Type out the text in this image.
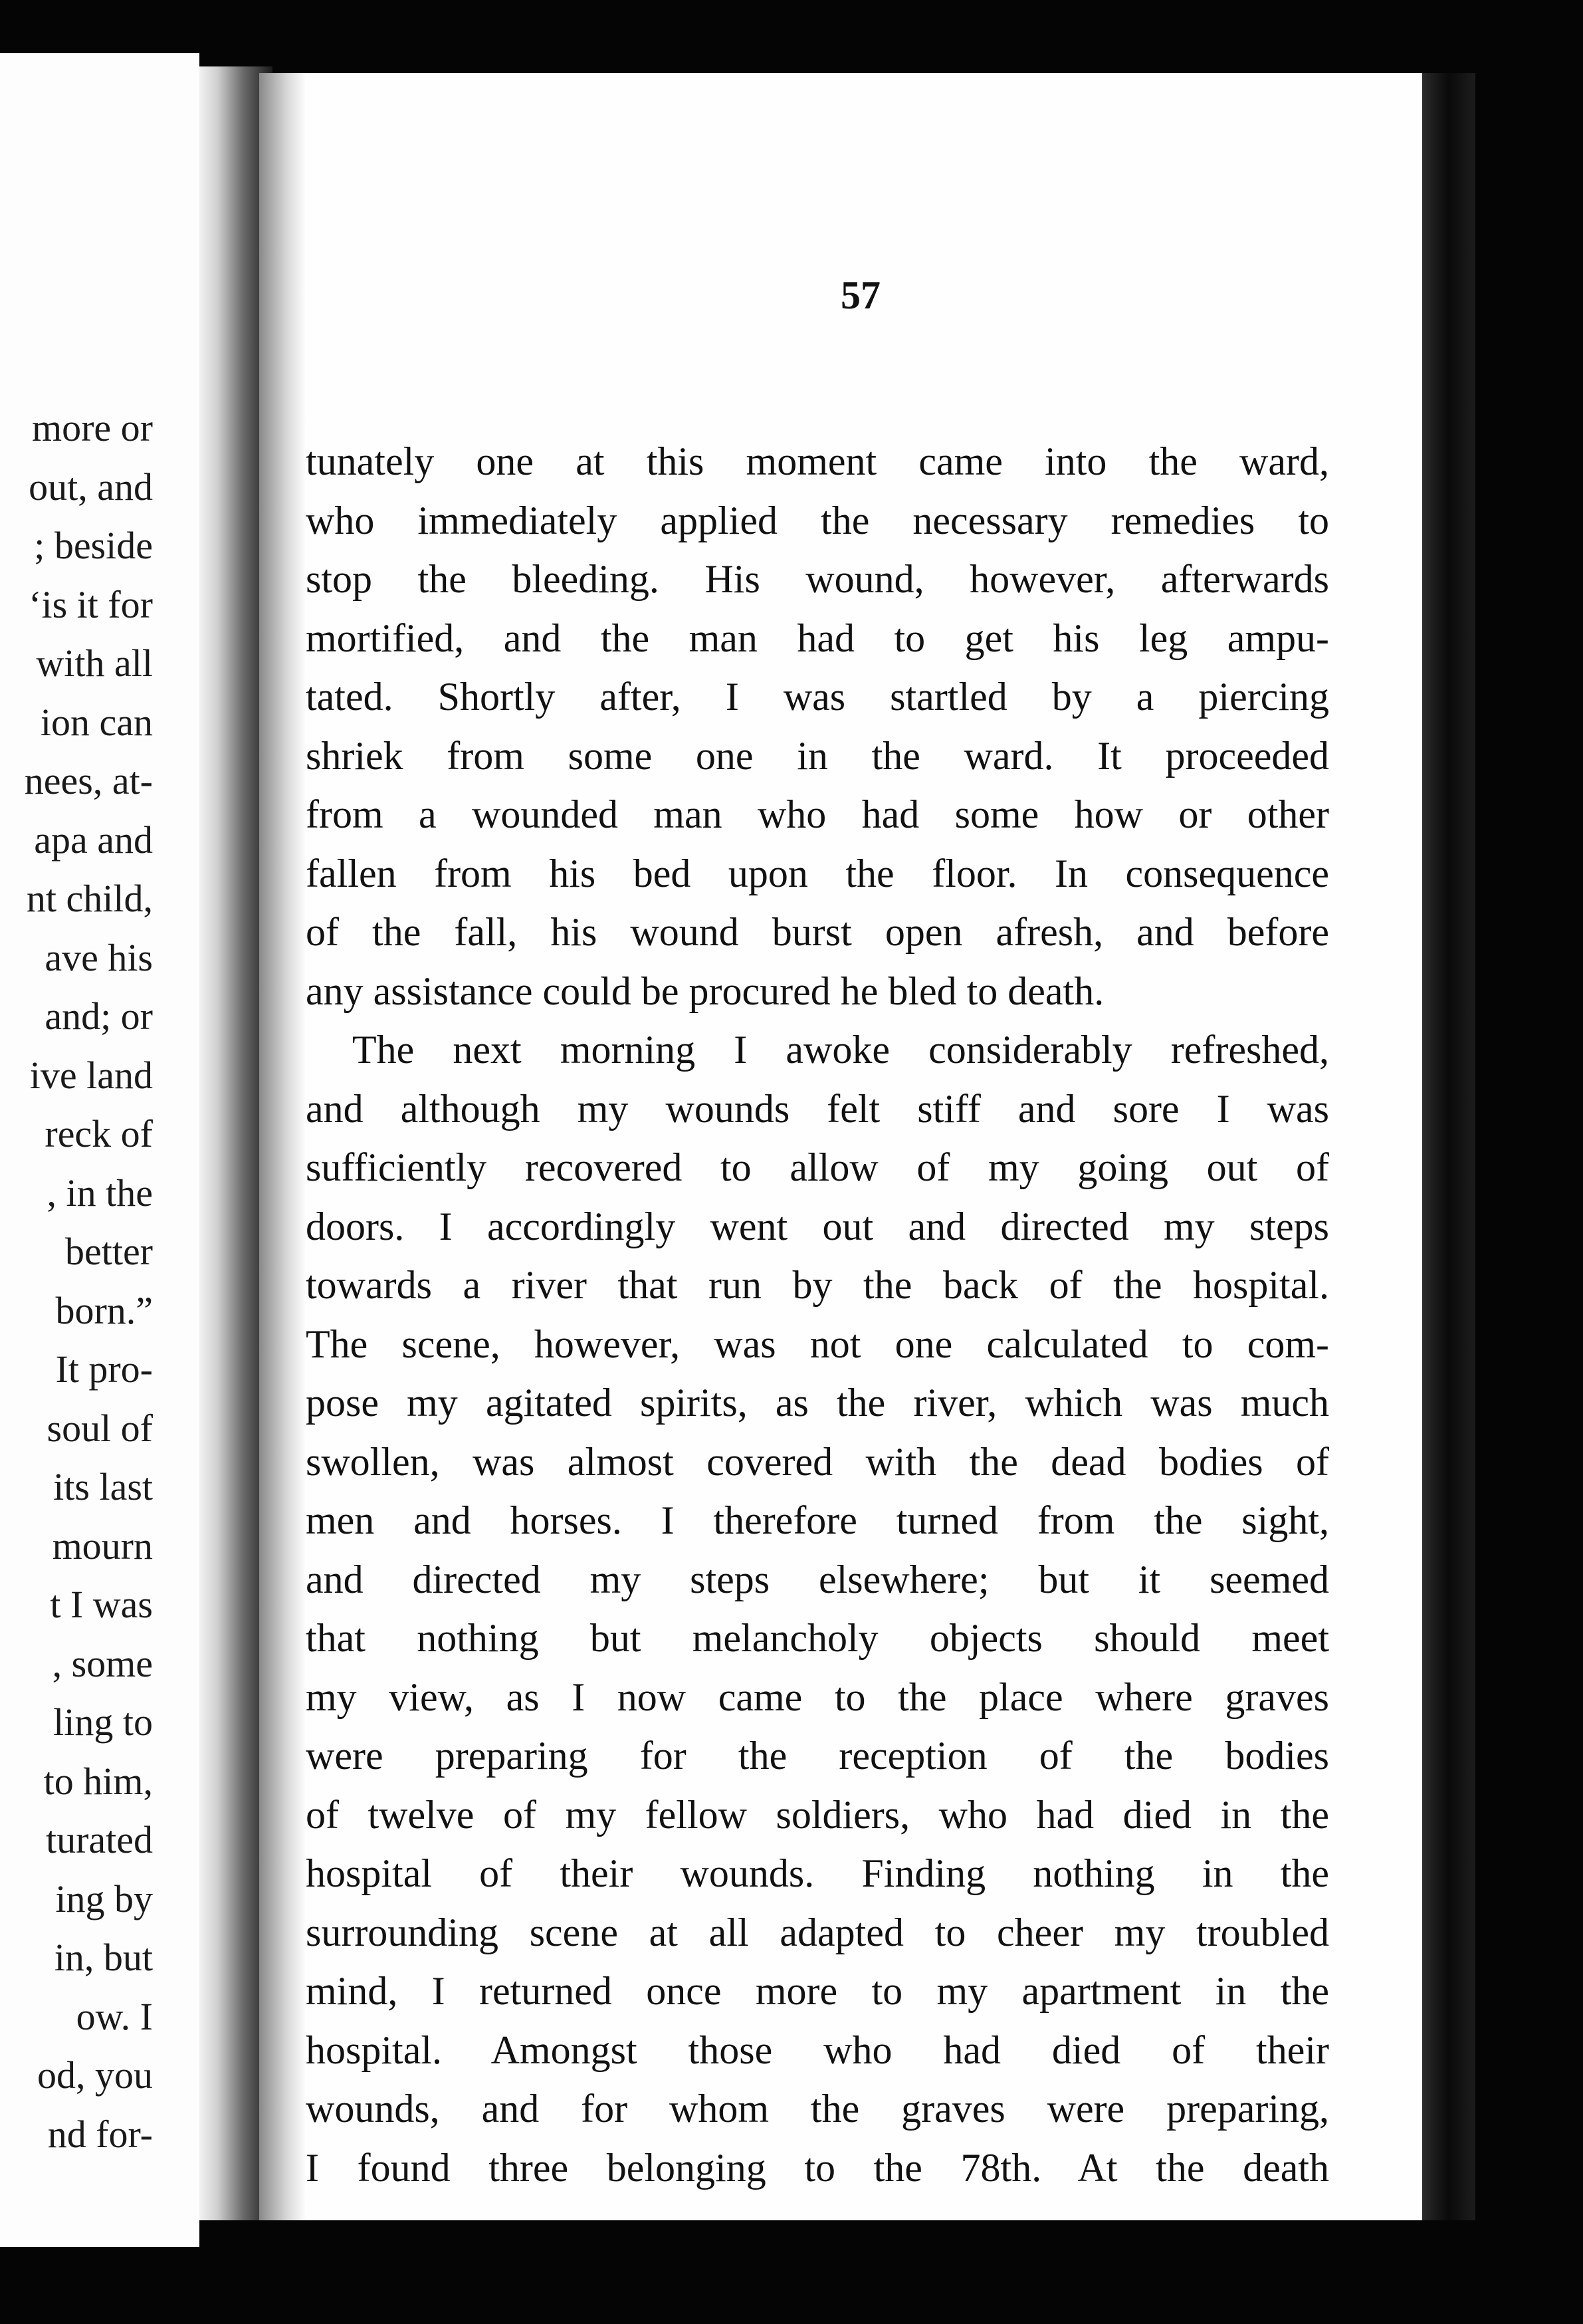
more or
out, and
; beside
‘is it for
with all
ion can
nees, at-
apa and
nt child,
ave his
and; or
ive land
reck of
, in the
better
born.”
It pro-
soul of
its last
mourn
t I was
, some
ling to
to him,
turated
ing by
in, but
ow. I
od, you
nd for-
57
tunately one at this moment came into the ward,
who immediately applied the necessary remedies to
stop the bleeding. His wound, however, afterwards
mortified, and the man had to get his leg ampu-
tated. Shortly after, I was startled by a piercing
shriek from some one in the ward. It proceeded
from a wounded man who had some how or other
fallen from his bed upon the floor. In consequence
of the fall, his wound burst open afresh, and before
any assistance could be procured he bled to death.
The next morning I awoke considerably refreshed,
and although my wounds felt stiff and sore I was
sufficiently recovered to allow of my going out of
doors. I accordingly went out and directed my steps
towards a river that run by the back of the hospital.
The scene, however, was not one calculated to com-
pose my agitated spirits, as the river, which was much
swollen, was almost covered with the dead bodies of
men and horses. I therefore turned from the sight,
and directed my steps elsewhere; but it seemed
that nothing but melancholy objects should meet
my view, as I now came to the place where graves
were preparing for the reception of the bodies
of twelve of my fellow soldiers, who had died in the
hospital of their wounds. Finding nothing in the
surrounding scene at all adapted to cheer my troubled
mind, I returned once more to my apartment in the
hospital. Amongst those who had died of their
wounds, and for whom the graves were preparing,
I found three belonging to the 78th. At the death
